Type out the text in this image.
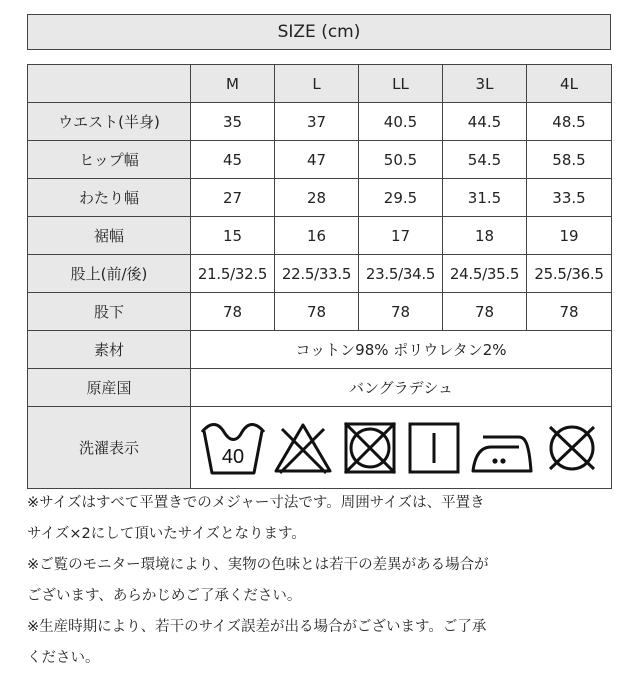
SIZE (cm)
	M	L	LL	3L	4L
ウエスト(半身)	35	37	40.5	44.5	48.5
ヒップ幅	45	47	50.5	54.5	58.5
わたり幅	27	28	29.5	31.5	33.5
裾幅	15	16	17	18	19
股上(前/後)	21.5/32.5	22.5/33.5	23.5/34.5	24.5/35.5	25.5/36.5
股下	78	78	78	78	78
素材	コットン98% ポリウレタン2%				
原産国	バングラデシュ				
洗濯表示	40				

※サイズはすべて平置きでのメジャー寸法です。周囲サイズは、平置き

サイズ×2にして頂いたサイズとなります。

※ご覧のモニター環境により、実物の色味とは若干の差異がある場合が

ございます、あらかじめご了承ください。

※生産時期により、若干のサイズ誤差が出る場合がございます。ご了承

ください。
